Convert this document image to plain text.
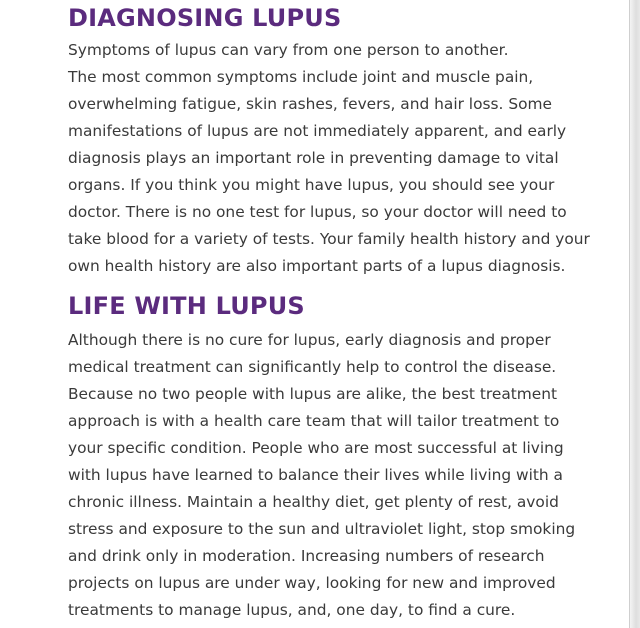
DIAGNOSING LUPUS

Symptoms of lupus can vary from one person to another.
The most common symptoms include joint and muscle pain,
overwhelming fatigue, skin rashes, fevers, and hair loss. Some
manifestations of lupus are not immediately apparent, and early
diagnosis plays an important role in preventing damage to vital
organs. If you think you might have lupus, you should see your
doctor. There is no one test for lupus, so your doctor will need to
take blood for a variety of tests. Your family health history and your
own health history are also important parts of a lupus diagnosis.

LIFE WITH LUPUS

Although there is no cure for lupus, early diagnosis and proper
medical treatment can significantly help to control the disease.
Because no two people with lupus are alike, the best treatment
approach is with a health care team that will tailor treatment to
your specific condition. People who are most successful at living
with lupus have learned to balance their lives while living with a
chronic illness. Maintain a healthy diet, get plenty of rest, avoid
stress and exposure to the sun and ultraviolet light, stop smoking
and drink only in moderation. Increasing numbers of research
projects on lupus are under way, looking for new and improved
treatments to manage lupus, and, one day, to find a cure.
